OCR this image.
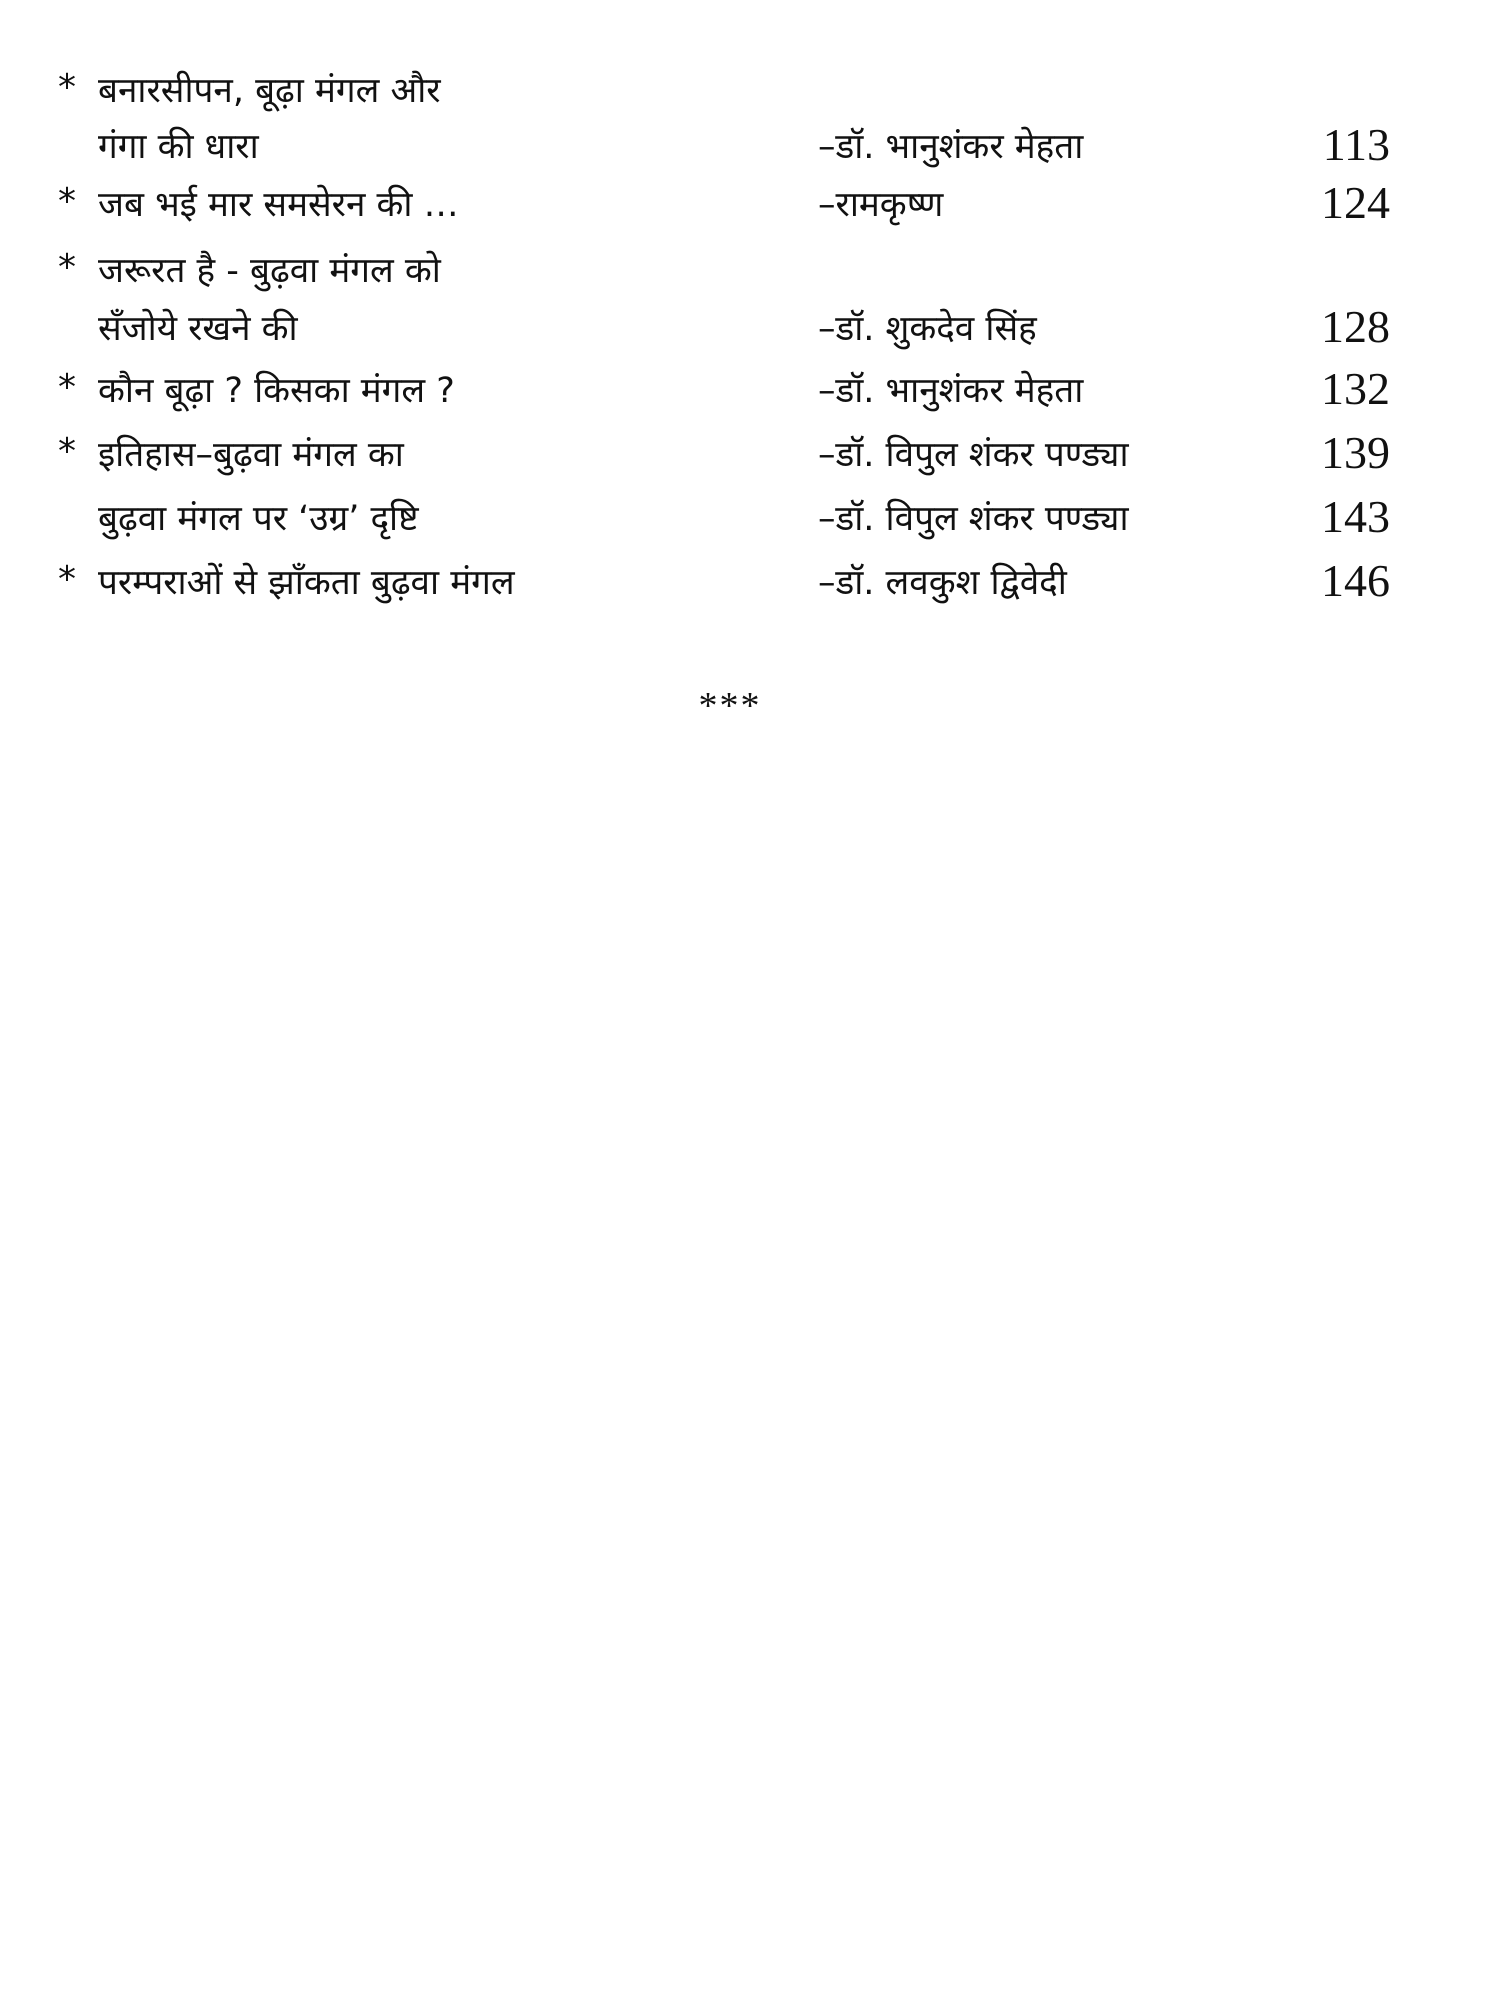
* बनारसीपन, बूढ़ा मंगल और
गंगा की धारा	–डॉ. भानुशंकर मेहता	113
* जब भई मार समसेरन की …	–रामकृष्ण	124
* जरूरत है - बुढ़वा मंगल को
सँजोये रखने की	–डॉ. शुकदेव सिंह	128
* कौन बूढ़ा ? किसका मंगल ?	–डॉ. भानुशंकर मेहता	132
* इतिहास–बुढ़वा मंगल का	–डॉ. विपुल शंकर पण्ड्या	139
बुढ़वा मंगल पर ‘उग्र’ दृष्टि	–डॉ. विपुल शंकर पण्ड्या	143
* परम्पराओं से झाँकता बुढ़वा मंगल	–डॉ. लवकुश द्विवेदी	146
***
